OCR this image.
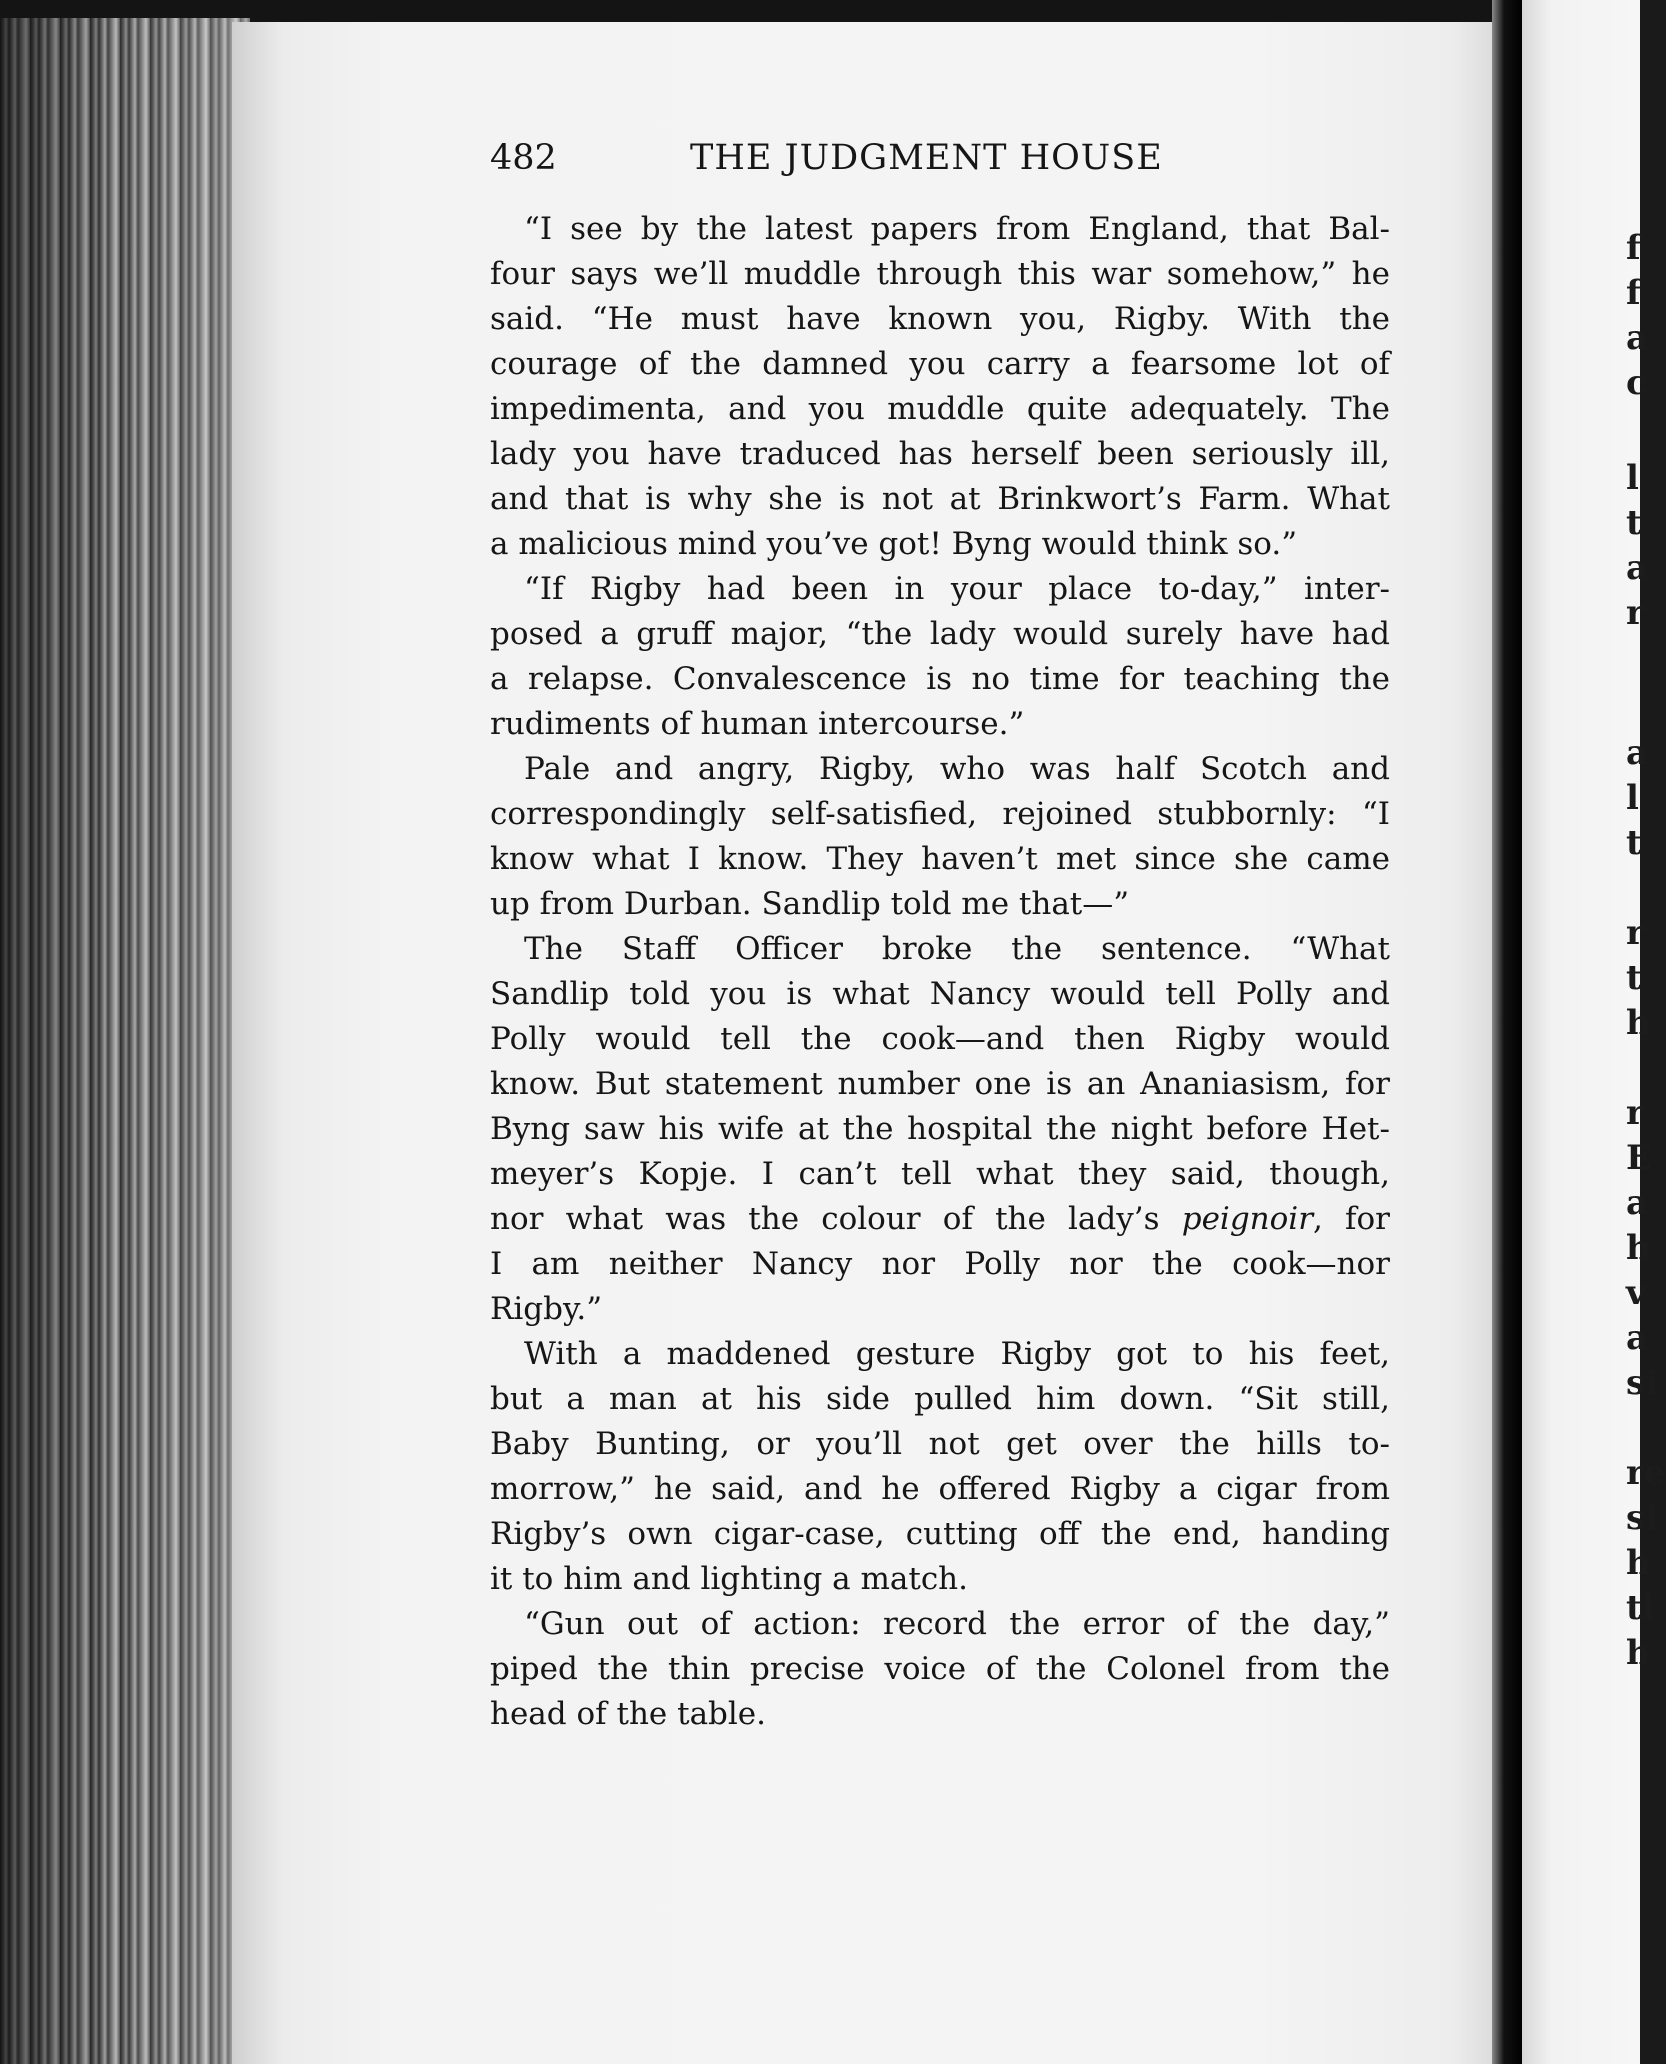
482	THE JUDGMENT HOUSE
“I see by the latest papers from England, that Bal-
four says we’ll muddle through this war somehow,” he
said. “He must have known you, Rigby. With the
courage of the damned you carry a fearsome lot of
impedimenta, and you muddle quite adequately. The
lady you have traduced has herself been seriously ill,
and that is why she is not at Brinkwort’s Farm. What
a malicious mind you’ve got! Byng would think so.”
“If Rigby had been in your place to-day,” inter-
posed a gruff major, “the lady would surely have had
a relapse. Convalescence is no time for teaching the
rudiments of human intercourse.”
Pale and angry, Rigby, who was half Scotch and
correspondingly self-satisfied, rejoined stubbornly: “I
know what I know. They haven’t met since she came
up from Durban. Sandlip told me that—”
The Staff Officer broke the sentence. “What
Sandlip told you is what Nancy would tell Polly and
Polly would tell the cook—and then Rigby would
know. But statement number one is an Ananiasism, for
Byng saw his wife at the hospital the night before Het-
meyer’s Kopje. I can’t tell what they said, though,
nor what was the colour of the lady’s peignoir, for
I am neither Nancy nor Polly nor the cook—nor
Rigby.”
With a maddened gesture Rigby got to his feet,
but a man at his side pulled him down. “Sit still,
Baby Bunting, or you’ll not get over the hills to-
morrow,” he said, and he offered Rigby a cigar from
Rigby’s own cigar-case, cutting off the end, handing
it to him and lighting a match.
“Gun out of action: record the error of the day,”
piped the thin precise voice of the Colonel from the
head of the table.
f
f
a
c
l
t
a
r
a
l
t
r
t
h
r
E
a
h
v
a
si
re
sl
h
tl
h
